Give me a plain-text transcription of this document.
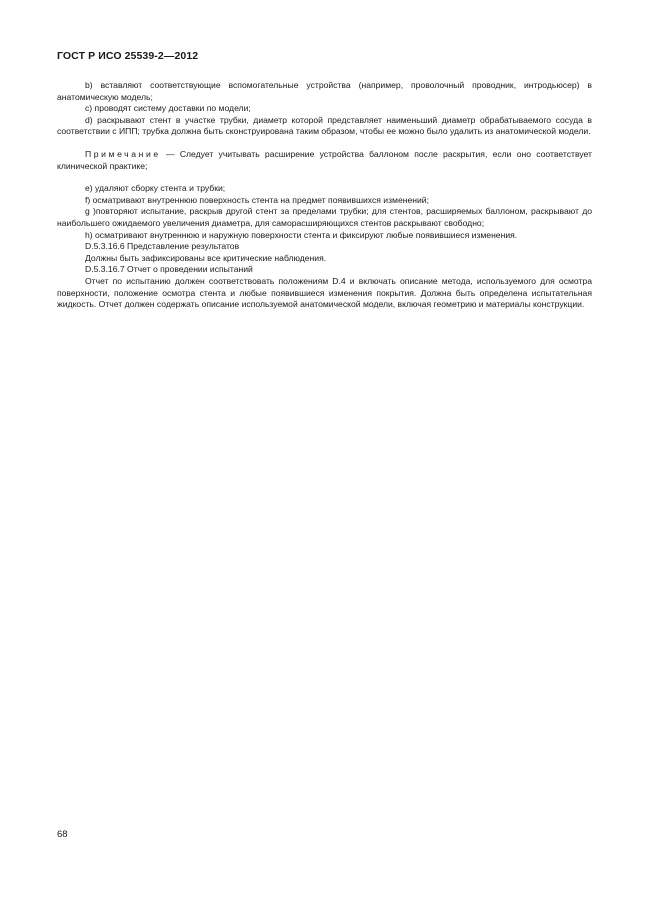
ГОСТ Р ИСО 25539-2—2012

b) вставляют соответствующие вспомогательные устройства (например, проволочный проводник, интродьюсер) в анатомическую модель;

c) проводят систему доставки по модели;

d) раскрывают стент в участке трубки, диаметр которой представляет наименьший диаметр обрабатываемого сосуда в соответствии с ИПП; трубка должна быть сконструирована таким образом, чтобы ее можно было удалить из анатомической модели.

Примечание — Следует учитывать расширение устройства баллоном после раскрытия, если оно соответствует клинической практике;

e) удаляют сборку стента и трубки;

f) осматривают внутреннюю поверхность стента на предмет появившихся изменений;

g )повторяют испытание, раскрыв другой стент за пределами трубки; для стентов, расширяемых баллоном, раскрывают до наибольшего ожидаемого увеличения диаметра, для саморасширяющихся стентов раскрывают свободно;

h) осматривают внутреннюю и наружную поверхности стента и фиксируют любые появившиеся изменения.

D.5.3.16.6 Представление результатов

Должны быть зафиксированы все критические наблюдения.

D.5.3.16.7 Отчет о проведении испытаний

Отчет по испытанию должен соответствовать положениям D.4 и включать описание метода, используемого для осмотра поверхности, положение осмотра стента и любые появившиеся изменения покрытия. Должна быть определена испытательная жидкость. Отчет должен содержать описание используемой анатомической модели, включая геометрию и материалы конструкции.

68
